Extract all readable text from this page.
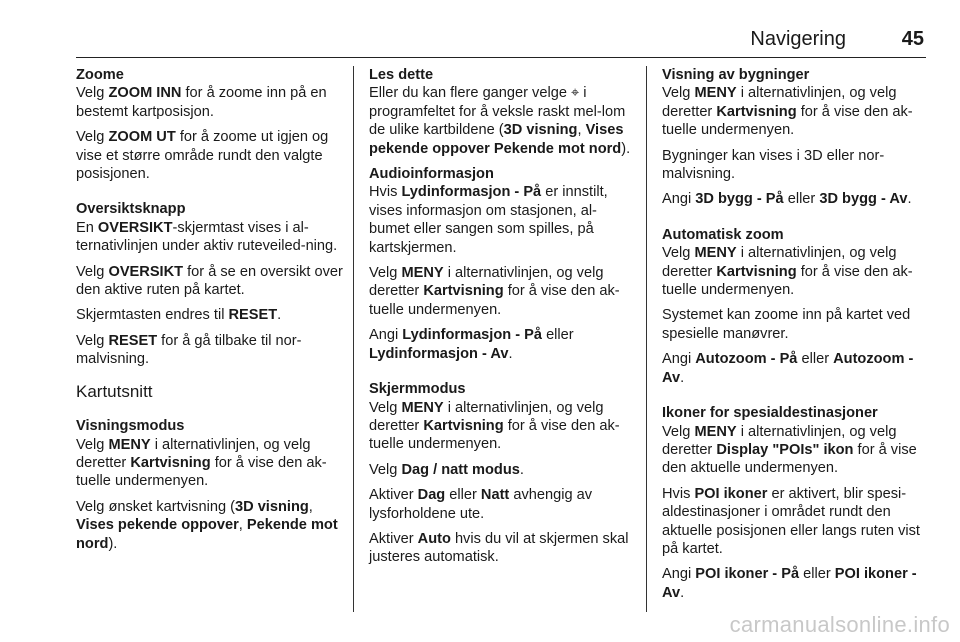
Navigering	45
Zoome

Velg ZOOM INN for å zoome inn på en bestemt kartposisjon.

Velg ZOOM UT for å zoome ut igjen og vise et større område rundt den valgte posisjonen.

Oversiktsknapp

En OVERSIKT-skjermtast vises i al-ternativlinjen under aktiv ruteveiled-ning.

Velg OVERSIKT for å se en oversikt over den aktive ruten på kartet.

Skjermtasten endres til RESET.

Velg RESET for å gå tilbake til nor-malvisning.

Kartutsnitt
Visningsmodus

Velg MENY i alternativlinjen, og velg deretter Kartvisning for å vise den ak-tuelle undermenyen.

Velg ønsket kartvisning (3D visning, Vises pekende oppover, Pekende mot nord).

Les dette

Eller du kan flere ganger velge ⌖ i programfeltet for å veksle raskt mel-lom de ulike kartbildene (3D visning, Vises pekende oppover Pekende mot nord).

Audioinformasjon

Hvis Lydinformasjon - På er innstilt, vises informasjon om stasjonen, al-bumet eller sangen som spilles, på kartskjermen.

Velg MENY i alternativlinjen, og velg deretter Kartvisning for å vise den ak-tuelle undermenyen.

Angi Lydinformasjon - På eller Lydinformasjon - Av.

Skjermmodus

Velg MENY i alternativlinjen, og velg deretter Kartvisning for å vise den ak-tuelle undermenyen.

Velg Dag / natt modus.

Aktiver Dag eller Natt avhengig av lysforholdene ute.

Aktiver Auto hvis du vil at skjermen skal justeres automatisk.

Visning av bygninger

Velg MENY i alternativlinjen, og velg deretter Kartvisning for å vise den ak-tuelle undermenyen.

Bygninger kan vises i 3D eller nor-malvisning.

Angi 3D bygg - På eller 3D bygg - Av.

Automatisk zoom

Velg MENY i alternativlinjen, og velg deretter Kartvisning for å vise den ak-tuelle undermenyen.

Systemet kan zoome inn på kartet ved spesielle manøvrer.

Angi Autozoom - På eller Autozoom - Av.

Ikoner for spesialdestinasjoner

Velg MENY i alternativlinjen, og velg deretter Display "POIs" ikon for å vise den aktuelle undermenyen.

Hvis POI ikoner er aktivert, blir spesi-aldestinasjoner i området rundt den aktuelle posisjonen eller langs ruten vist på kartet.

Angi POI ikoner - På eller POI ikoner - Av.

carmanualsonline.info
